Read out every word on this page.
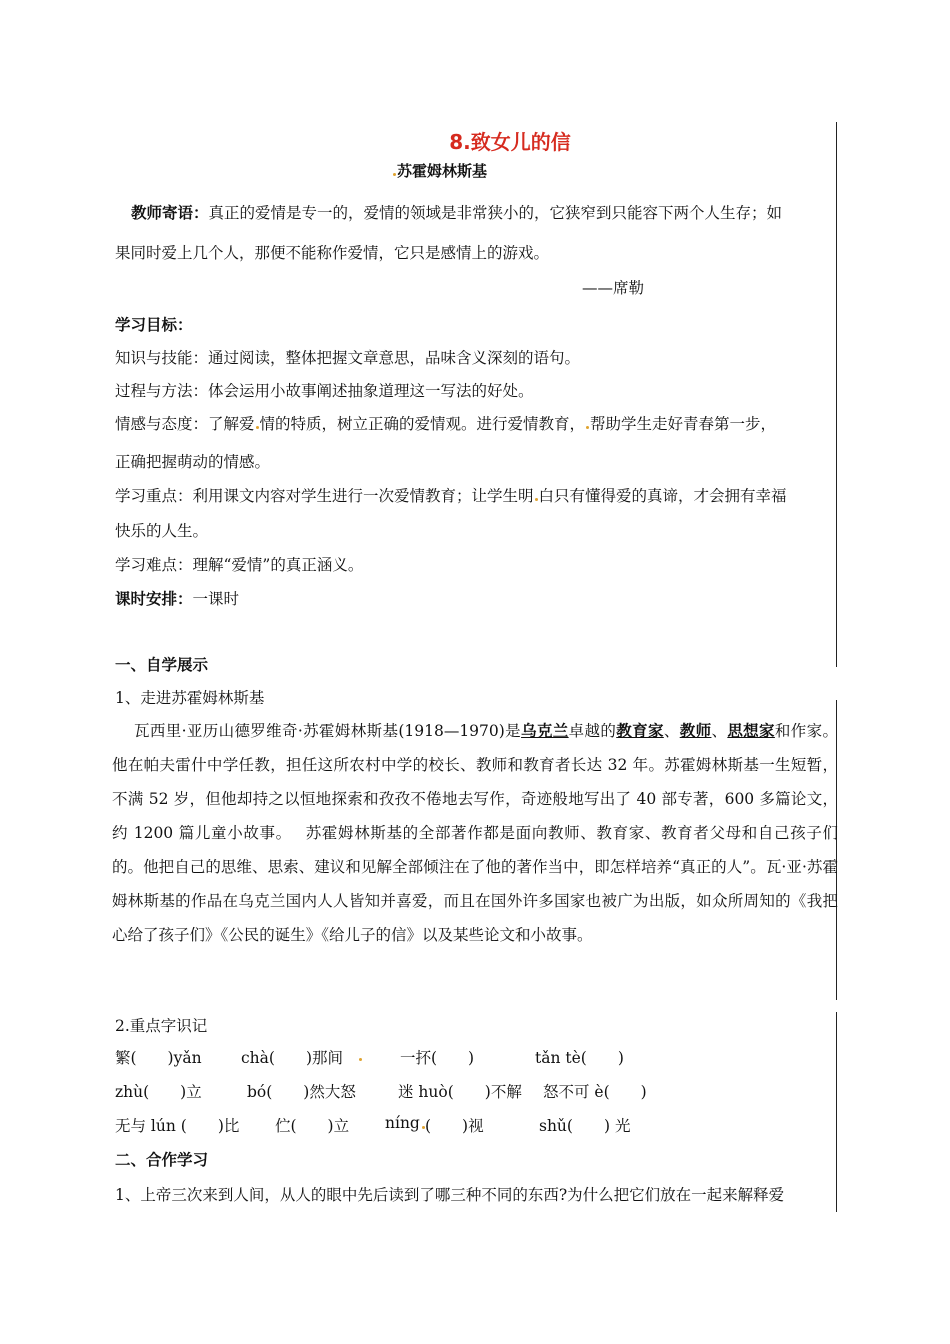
8.致女儿的信
苏霍姆林斯基
教师寄语：真正的爱情是专一的，爱情的领域是非常狭小的，它狭窄到只能容下两个人生存；如
果同时爱上几个人，那便不能称作爱情，它只是感情上的游戏。
——席勒
学习目标：
知识与技能：通过阅读，整体把握文章意思，品味含义深刻的语句。
过程与方法：体会运用小故事阐述抽象道理这一写法的好处。
情感与态度：了解爱 情的特质，树立正确的爱情观。进行爱情教育， 帮助学生走好青春第一步，
正确把握萌动的情感。
学习重点：利用课文内容对学生进行一次爱情教育；让学生明 白只有懂得爱的真谛，才会拥有幸福
快乐的人生。
学习难点：理解“爱情”的真正涵义。
课时安排：一课时
一、自学展示
1、走进苏霍姆林斯基
瓦西里·亚历山德罗维奇·苏霍姆林斯基(1918—1970)是乌克兰卓越的教育家、教师、思想家和作家。他在帕夫雷什中学任教，担任这所农村中学的校长、教师和教育者长达 32 年。苏霍姆林斯基一生短暂，不满 52 岁，但他却持之以恒地探索和孜孜不倦地去写作，奇迹般地写出了 40 部专著，600 多篇论文，约 1200 篇儿童小故事。　 苏霍姆林斯基的全部著作都是面向教师、教育家、教育者父母和自己孩子们的。他把自己的思维、思索、建议和见解全部倾注在了他的著作当中，即怎样培养“真正的人”。瓦·亚·苏霍姆林斯基的作品在乌克兰国内人人皆知并喜爱，而且在国外许多国家也被广为出版，如众所周知的《我把心给了孩子们》《公民的诞生》《给儿子的信》以及某些论文和小故事。
2.重点字识记
繁(　　)yǎn	chà(　　)那间	一抔(　　)	tǎn tè(　　)
zhù(　　)立	bó(　　)然大怒	迷 huò(　　)不解 怒不可 è(　　)
无与 lún (　　)比 伫(　　)立 níng (　　)视	shǔ(　　) 光
二、合作学习
1、上帝三次来到人间，从人的眼中先后读到了哪三种不同的东西?为什么把它们放在一起来解释爱
